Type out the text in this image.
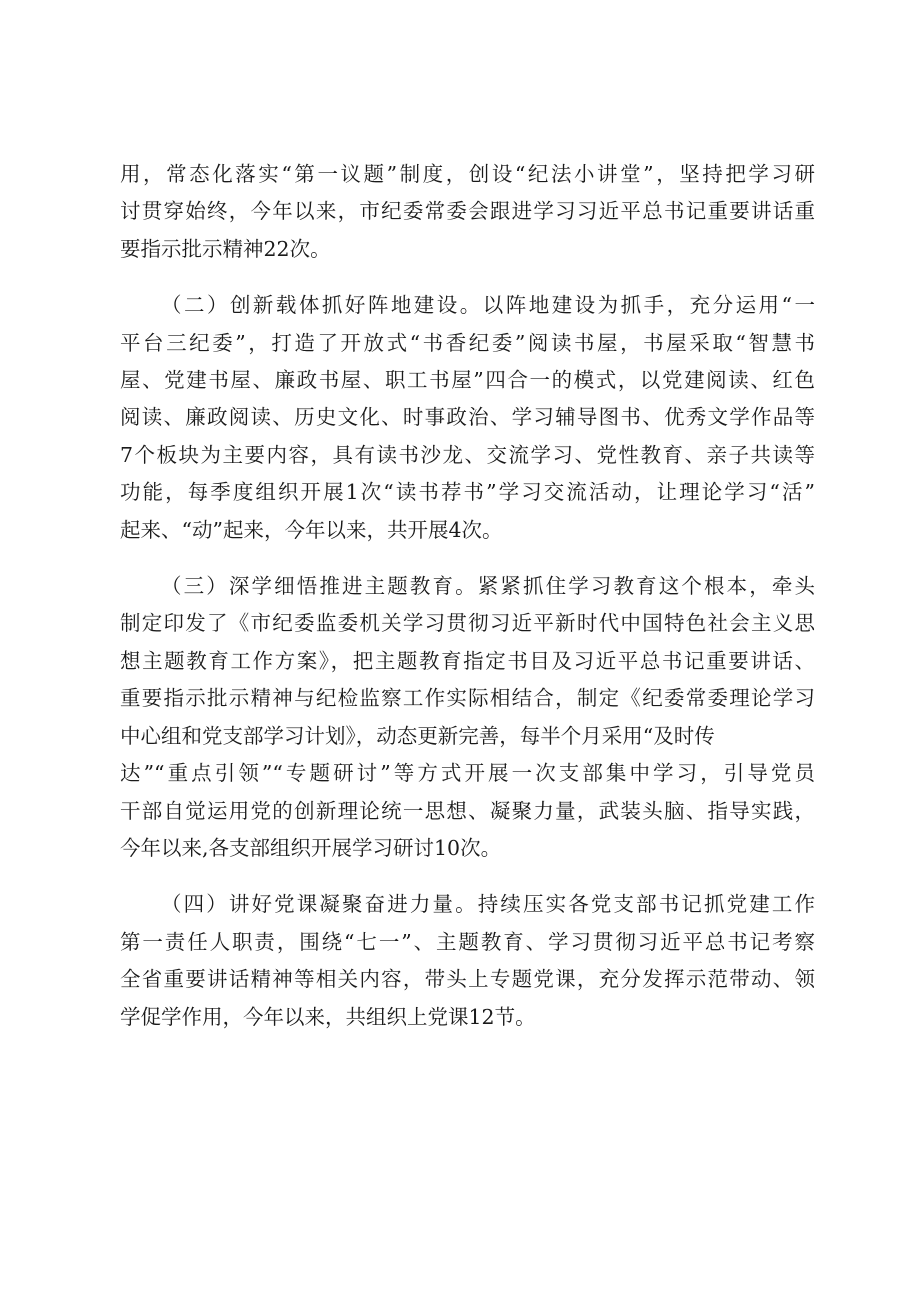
用，常态化落实“第一议题”制度，创设“纪法小讲堂”，坚持把学习研
讨贯穿始终，今年以来，市纪委常委会跟进学习习近平总书记重要讲话重
要指示批示精神22次。

（二）创新载体抓好阵地建设。以阵地建设为抓手，充分运用“一
平台三纪委”，打造了开放式“书香纪委”阅读书屋，书屋采取“智慧书
屋、党建书屋、廉政书屋、职工书屋”四合一的模式，以党建阅读、红色
阅读、廉政阅读、历史文化、时事政治、学习辅导图书、优秀文学作品等
7个板块为主要内容，具有读书沙龙、交流学习、党性教育、亲子共读等
功能，每季度组织开展1次“读书荐书”学习交流活动，让理论学习“活”
起来、“动”起来，今年以来，共开展4次。

（三）深学细悟推进主题教育。紧紧抓住学习教育这个根本，牵头
制定印发了《市纪委监委机关学习贯彻习近平新时代中国特色社会主义思
想主题教育工作方案》，把主题教育指定书目及习近平总书记重要讲话、
重要指示批示精神与纪检监察工作实际相结合，制定《纪委常委理论学习
中心组和党支部学习计划》，动态更新完善，每半个月采用“及时传
达”“重点引领”“专题研讨”等方式开展一次支部集中学习，引导党员
干部自觉运用党的创新理论统一思想、凝聚力量，武装头脑、指导实践，
今年以来,各支部组织开展学习研讨10次。

（四）讲好党课凝聚奋进力量。持续压实各党支部书记抓党建工作
第一责任人职责，围绕“七一”、主题教育、学习贯彻习近平总书记考察
全省重要讲话精神等相关内容，带头上专题党课，充分发挥示范带动、领
学促学作用，今年以来，共组织上党课12节。
